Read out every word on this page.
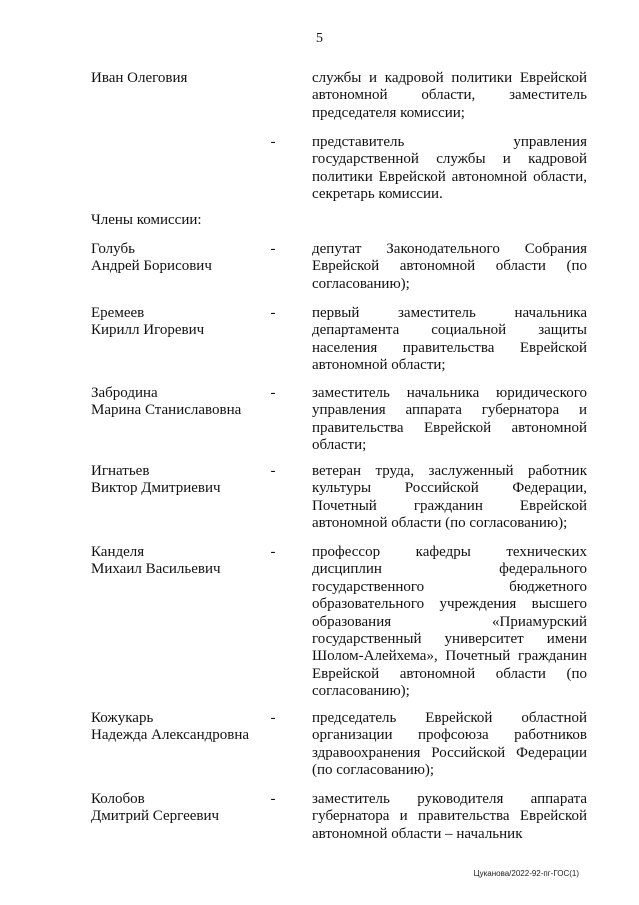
5
Иван Олеговия	службы и кадровой политики Еврейской автономной области, заместитель председателя комиссии;
- представитель управления государственной службы и кадровой политики Еврейской автономной области, секретарь комиссии.
Члены комиссии:
Голубь
Андрей Борисович
- депутат Законодательного Собрания Еврейской автономной области (по согласованию);
Еремеев
Кирилл Игоревич
- первый заместитель начальника департамента социальной защиты населения правительства Еврейской автономной области;
Забродина
Марина Станиславовна
- заместитель начальника юридического управления аппарата губернатора и правительства Еврейской автономной области;
Игнатьев
Виктор Дмитриевич
- ветеран труда, заслуженный работник культуры Российской Федерации, Почетный гражданин Еврейской автономной области (по согласованию);
Канделя
Михаил Васильевич
- профессор кафедры технических дисциплин федерального государственного бюджетного образовательного учреждения высшего образования «Приамурский государственный университет имени Шолом-Алейхема», Почетный гражданин Еврейской автономной области (по согласованию);
Кожукарь
Надежда Александровна
- председатель Еврейской областной организации профсоюза работников здравоохранения Российской Федерации (по согласованию);
Колобов
Дмитрий Сергеевич
- заместитель руководителя аппарата губернатора и правительства Еврейской автономной области – начальник
Цуканова/2022-92-пг-ГОС(1)
